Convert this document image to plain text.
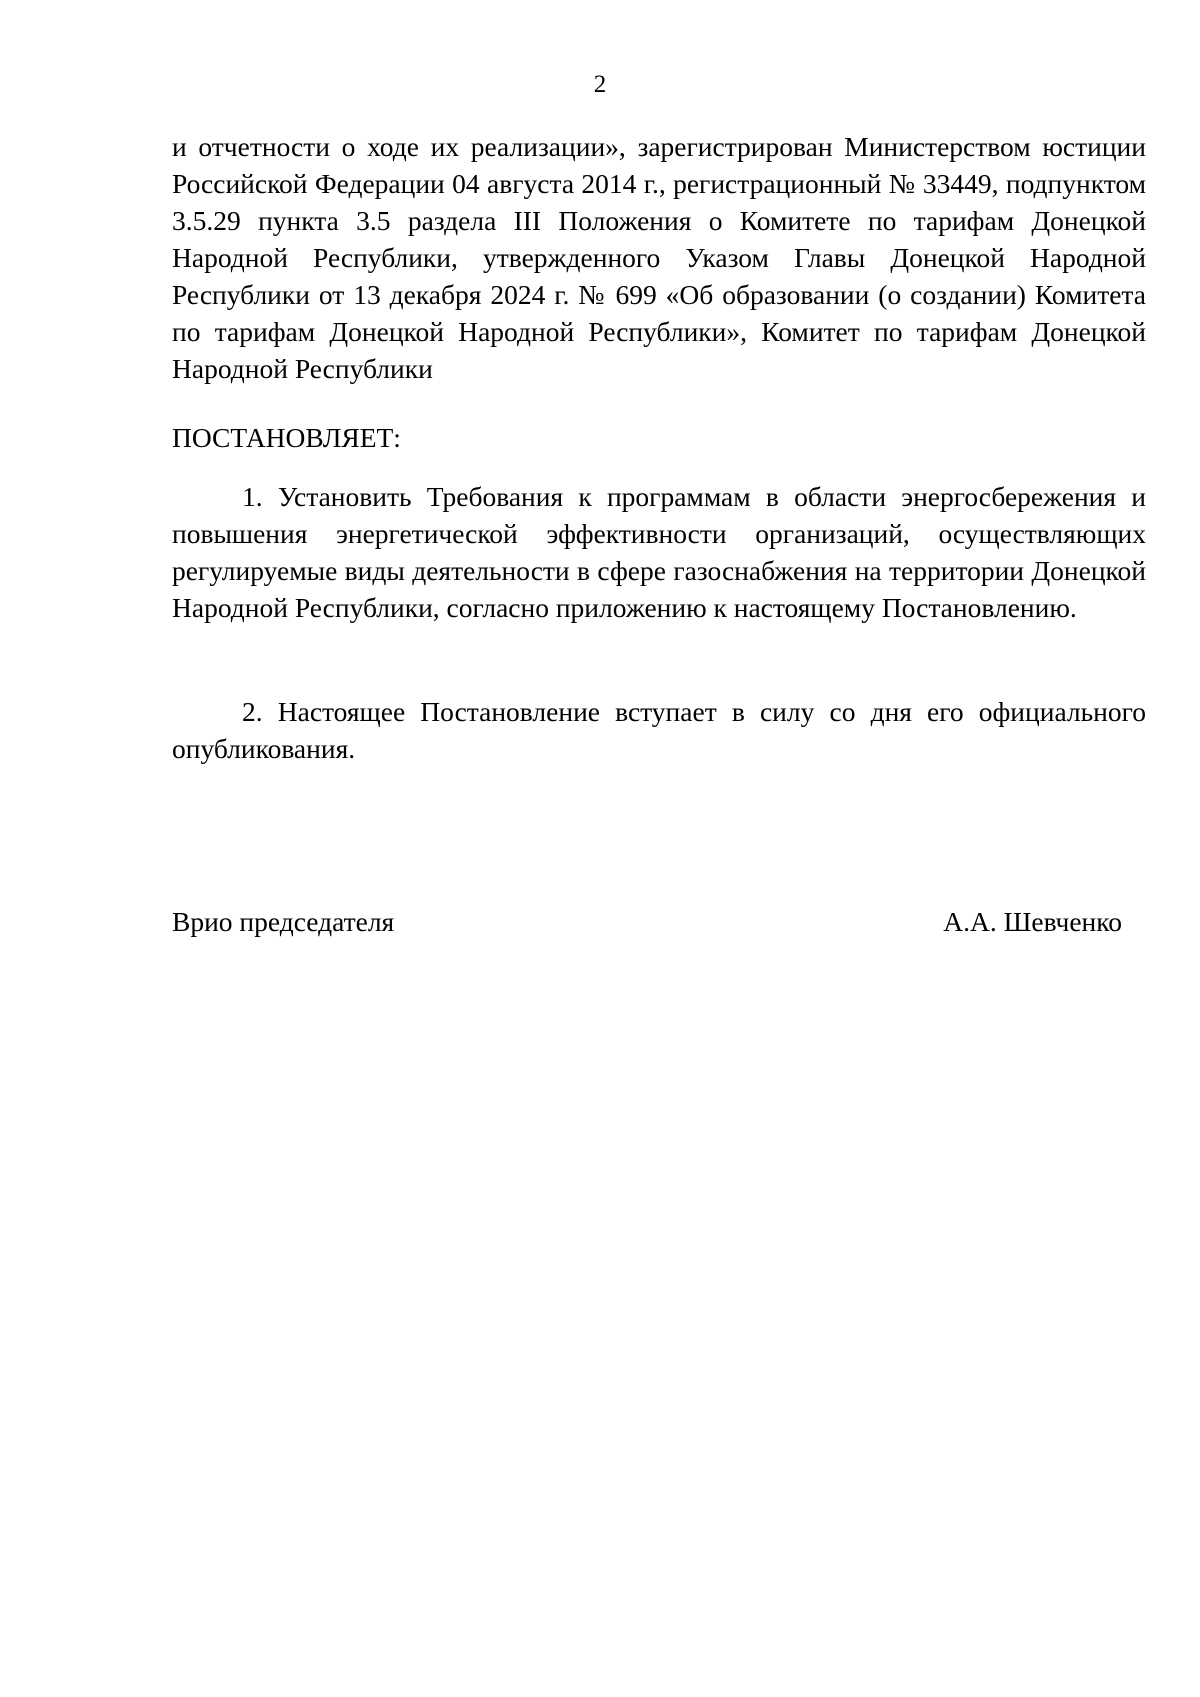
2
и отчетности о ходе их реализации», зарегистрирован Министерством юстиции Российской Федерации 04 августа 2014 г., регистрационный № 33449, подпунктом 3.5.29 пункта 3.5 раздела III Положения о Комитете по тарифам Донецкой Народной Республики, утвержденного Указом Главы Донецкой Народной Республики от 13 декабря 2024 г. № 699 «Об образовании (о создании) Комитета по тарифам Донецкой Народной Республики», Комитет по тарифам Донецкой Народной Республики
ПОСТАНОВЛЯЕТ:
1. Установить Требования к программам в области энергосбережения и повышения энергетической эффективности организаций, осуществляющих регулируемые виды деятельности в сфере газоснабжения на территории Донецкой Народной Республики, согласно приложению к настоящему Постановлению.
2. Настоящее Постановление вступает в силу со дня его официального опубликования.
Врио председателя	А.А. Шевченко
